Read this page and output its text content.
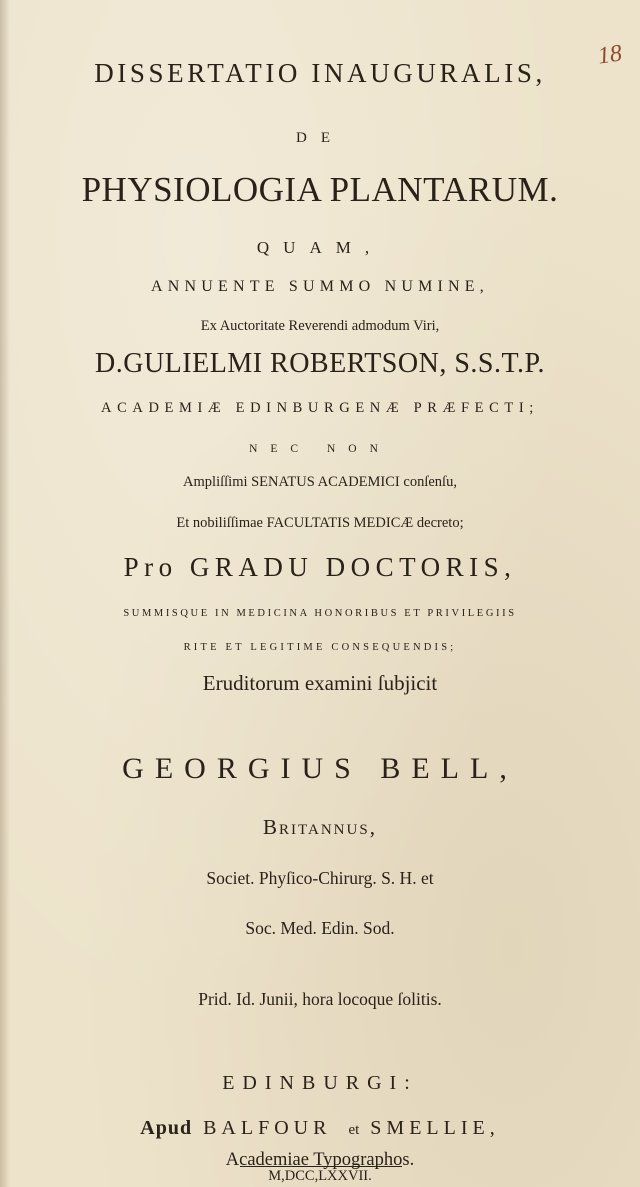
18
DISSERTATIO INAUGURALIS,
DE
PHYSIOLOGIA PLANTARUM.
QUAM,
ANNUENTE SUMMO NUMINE,
Ex Auctoritate Reverendi admodum Viri,
D.GULIELMI ROBERTSON, S.S.T.P.
ACADEMIÆ EDINBURGENÆ PRÆFECTI;
NEC NON
Ampliſſimi SENATUS ACADEMICI conſenſu,
Et nobiliſſimae FACULTATIS MEDICÆ decreto;
Pro GRADU DOCTORIS,
SUMMISQUE IN MEDICINA HONORIBUS ET PRIVILEGIIS
RITE ET LEGITIME CONSEQUENDIS;
Eruditorum examini ſubjicit
GEORGIUS BELL,
Britannus,
Societ. Phyſico-Chirurg. S. H. et
Soc. Med. Edin. Sod.
Prid. Id. Junii, hora locoque ſolitis.
EDINBURGI:
Apud BALFOUR et SMELLIE,
Academiae Typographos.
M,DCC,LXXVII.
